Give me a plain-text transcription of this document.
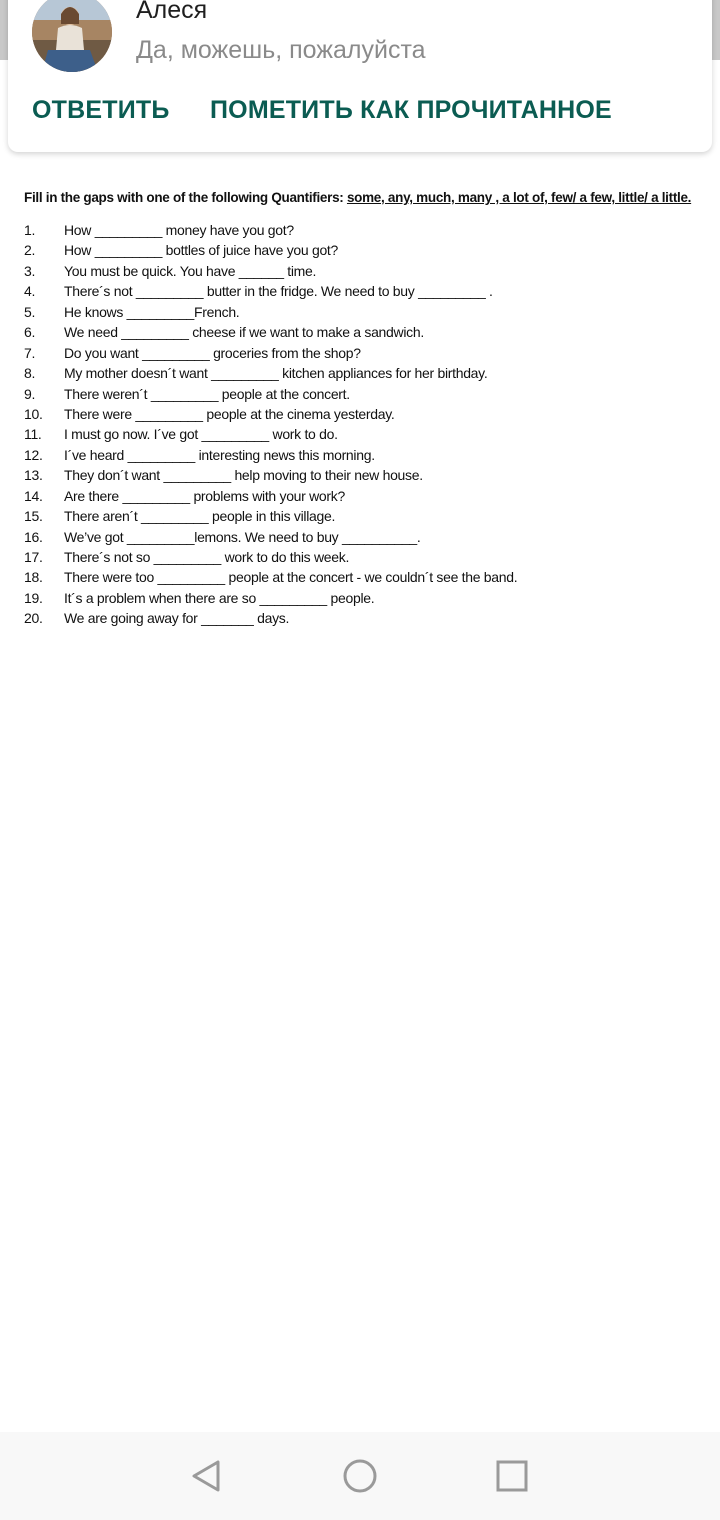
Алеся
Да, можешь, пожалуйста
ОТВЕТИТЬ ПОМЕТИТЬ КАК ПРОЧИТАННОЕ
Fill in the gaps with one of the following Quantifiers: some, any, much, many , a lot of, few/ a few, little/ a little.
1. How _________ money have you got?
2. How _________ bottles of juice have you got?
3. You must be quick. You have ______ time.
4. There´s not _________ butter in the fridge. We need to buy _________ .
5. He knows _________French.
6. We need _________ cheese if we want to make a sandwich.
7. Do you want _________ groceries from the shop?
8. My mother doesn´t want _________ kitchen appliances for her birthday.
9. There weren´t _________ people at the concert.
10. There were _________ people at the cinema yesterday.
11. I must go now. I´ve got _________ work to do.
12. I´ve heard _________ interesting news this morning.
13. They don´t want _________ help moving to their new house.
14. Are there _________ problems with your work?
15. There aren´t _________ people in this village.
16. We’ve got _________lemons. We need to buy __________.
17. There´s not so _________ work to do this week.
18. There were too _________ people at the concert - we couldn´t see the band.
19. It´s a problem when there are so _________ people.
20. We are going away for _______ days.
